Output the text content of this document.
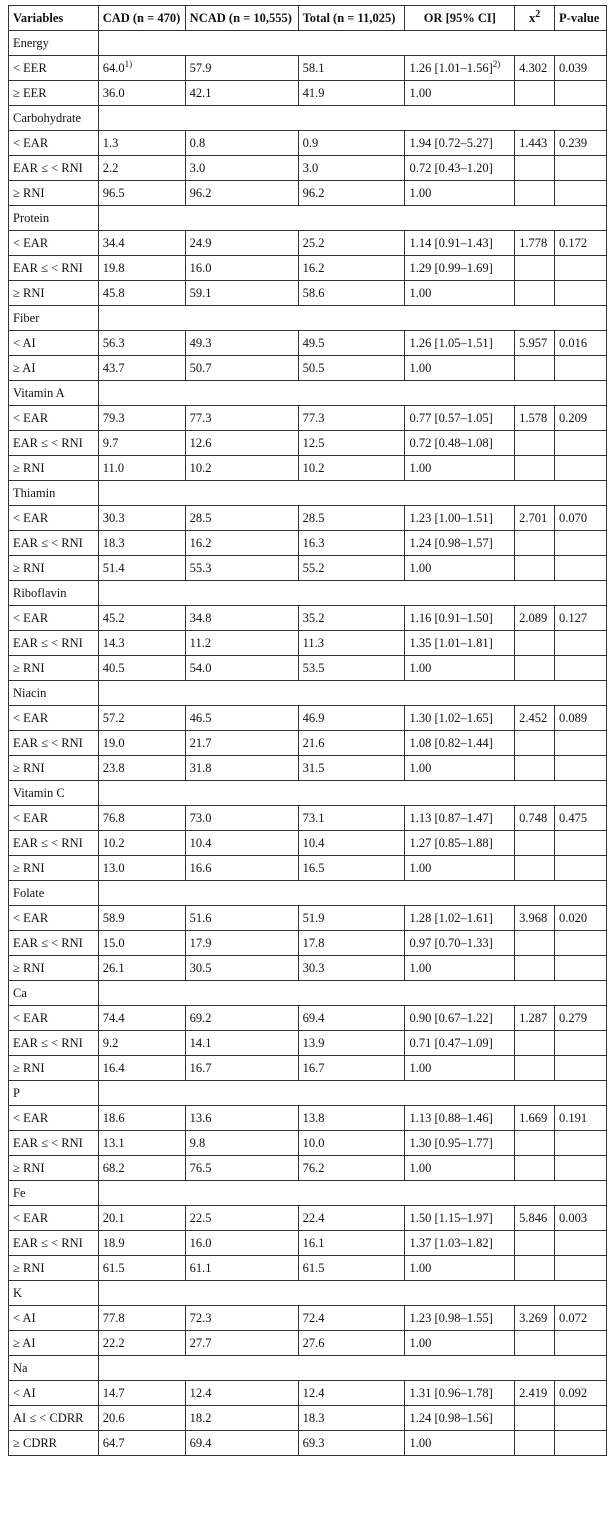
Variables	CAD (n = 470)	NCAD (n = 10,555)	Total (n = 11,025)	OR [95% CI]	$x^2$	P-value
Energy						
< EER	64.0$^{1)}$	57.9	58.1	1.26 $[1.01-1.56]^{2)}$	4.302	0.039
≥ EER	36.0	42.1	41.9	1.00		
Carbohydrate						
< EAR	1.3	0.8	0.9	1.94 [0.72–5.27]	1.443	0.239
EAR ≤ < RNI	2.2	3.0	3.0	0.72 [0.43–1.20]		
≥ RNI	96.5	96.2	96.2	1.00		
Protein						
< EAR	34.4	24.9	25.2	1.14 [0.91–1.43]	1.778	0.172
EAR ≤ < RNI	19.8	16.0	16.2	1.29 [0.99–1.69]		
≥ RNI	45.8	59.1	58.6	1.00		
Fiber						
< AI	56.3	49.3	49.5	1.26 [1.05–1.51]	5.957	0.016
≥ AI	43.7	50.7	50.5	1.00		
Vitamin A						
< EAR	79.3	77.3	77.3	0.77 [0.57–1.05]	1.578	0.209
EAR ≤ < RNI	9.7	12.6	12.5	0.72 [0.48–1.08]		
≥ RNI	11.0	10.2	10.2	1.00		
Thiamin						
< EAR	30.3	28.5	28.5	1.23 [1.00–1.51]	2.701	0.070
EAR ≤ < RNI	18.3	16.2	16.3	1.24 [0.98–1.57]		
≥ RNI	51.4	55.3	55.2	1.00		
Riboflavin						
< EAR	45.2	34.8	35.2	1.16 [0.91–1.50]	2.089	0.127
EAR ≤ < RNI	14.3	11.2	11.3	1.35 [1.01–1.81]		
≥ RNI	40.5	54.0	53.5	1.00		
Niacin						
< EAR	57.2	46.5	46.9	1.30 [1.02–1.65]	2.452	0.089
EAR ≤ < RNI	19.0	21.7	21.6	1.08 [0.82–1.44]		
≥ RNI	23.8	31.8	31.5	1.00		
Vitamin C						
< EAR	76.8	73.0	73.1	1.13 [0.87–1.47]	0.748	0.475
EAR ≤ < RNI	10.2	10.4	10.4	1.27 [0.85–1.88]		
≥ RNI	13.0	16.6	16.5	1.00		
Folate						
< EAR	58.9	51.6	51.9	1.28 [1.02–1.61]	3.968	0.020
EAR ≤ < RNI	15.0	17.9	17.8	0.97 [0.70–1.33]		
≥ RNI	26.1	30.5	30.3	1.00		
Ca						
< EAR	74.4	69.2	69.4	0.90 [0.67–1.22]	1.287	0.279
EAR ≤ < RNI	9.2	14.1	13.9	0.71 [0.47–1.09]		
≥ RNI	16.4	16.7	16.7	1.00		
P						
< EAR	18.6	13.6	13.8	1.13 [0.88–1.46]	1.669	0.191
EAR ≤ < RNI	13.1	9.8	10.0	1.30 [0.95–1.77]		
≥ RNI	68.2	76.5	76.2	1.00		
Fe						
< EAR	20.1	22.5	22.4	1.50 [1.15–1.97]	5.846	0.003
EAR ≤ < RNI	18.9	16.0	16.1	1.37 [1.03–1.82]		
≥ RNI	61.5	61.1	61.5	1.00		
K						
< AI	77.8	72.3	72.4	1.23 [0.98–1.55]	3.269	0.072
≥ AI	22.2	27.7	27.6	1.00		
Na						
< AI	14.7	12.4	12.4	1.31 [0.96–1.78]	2.419	0.092
AI ≤ < CDRR	20.6	18.2	18.3	1.24 [0.98–1.56]		
≥ CDRR	64.7	69.4	69.3	1.00		
